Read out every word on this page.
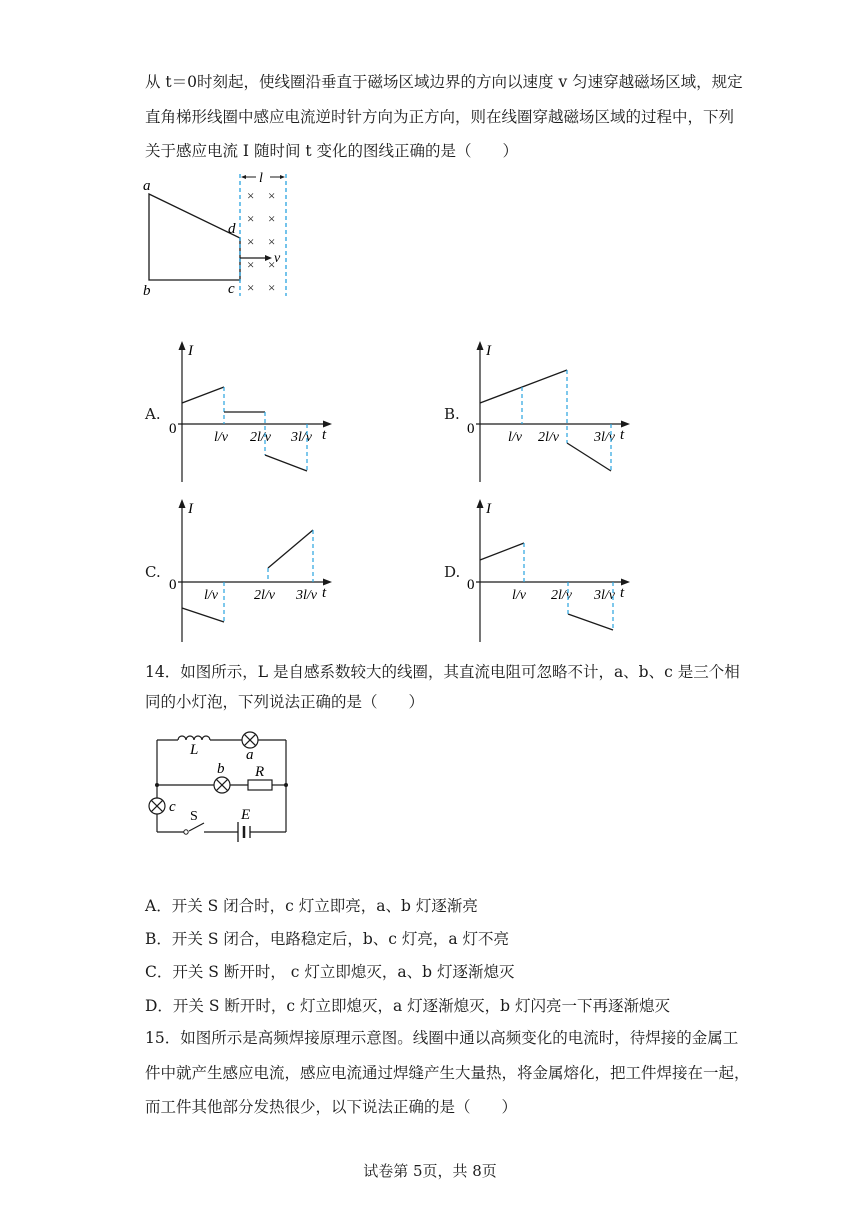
从 t＝0时刻起，使线圈沿垂直于磁场区域边界的方向以速度 v 匀速穿越磁场区域，规定
直角梯形线圈中感应电流逆时针方向为正方向，则在线圈穿越磁场区域的过程中，下列
关于感应电流 I 随时间 t 变化的图线正确的是（　　）
l
v
a
b	c
d
× ×
× ×
× ×
× ×
× ×
A.	B.
C.	D.
I
0	t
l/v 2l/v 3l/v
I
0	t
l/v 2l/v	3l/v
I
0	t
l/v	2l/v 3l/v
I
0	t
l/v 2l/v 3l/v
14．如图所示，L 是自感系数较大的线圈，其直流电阻可忽略不计，a、b、c 是三个相
同的小灯泡，下列说法正确的是（　　）
L	a
b R
c
S	E
A．开关 S 闭合时，c 灯立即亮，a、b 灯逐渐亮
B．开关 S 闭合，电路稳定后，b、c 灯亮，a 灯不亮
C．开关 S 断开时， c 灯立即熄灭，a、b 灯逐渐熄灭
D．开关 S 断开时，c 灯立即熄灭，a 灯逐渐熄灭，b 灯闪亮一下再逐渐熄灭
15．如图所示是高频焊接原理示意图。线圈中通以高频变化的电流时，待焊接的金属工
件中就产生感应电流，感应电流通过焊缝产生大量热，将金属熔化，把工件焊接在一起，
而工件其他部分发热很少，以下说法正确的是（　　）
试卷第 5页，共 8页
